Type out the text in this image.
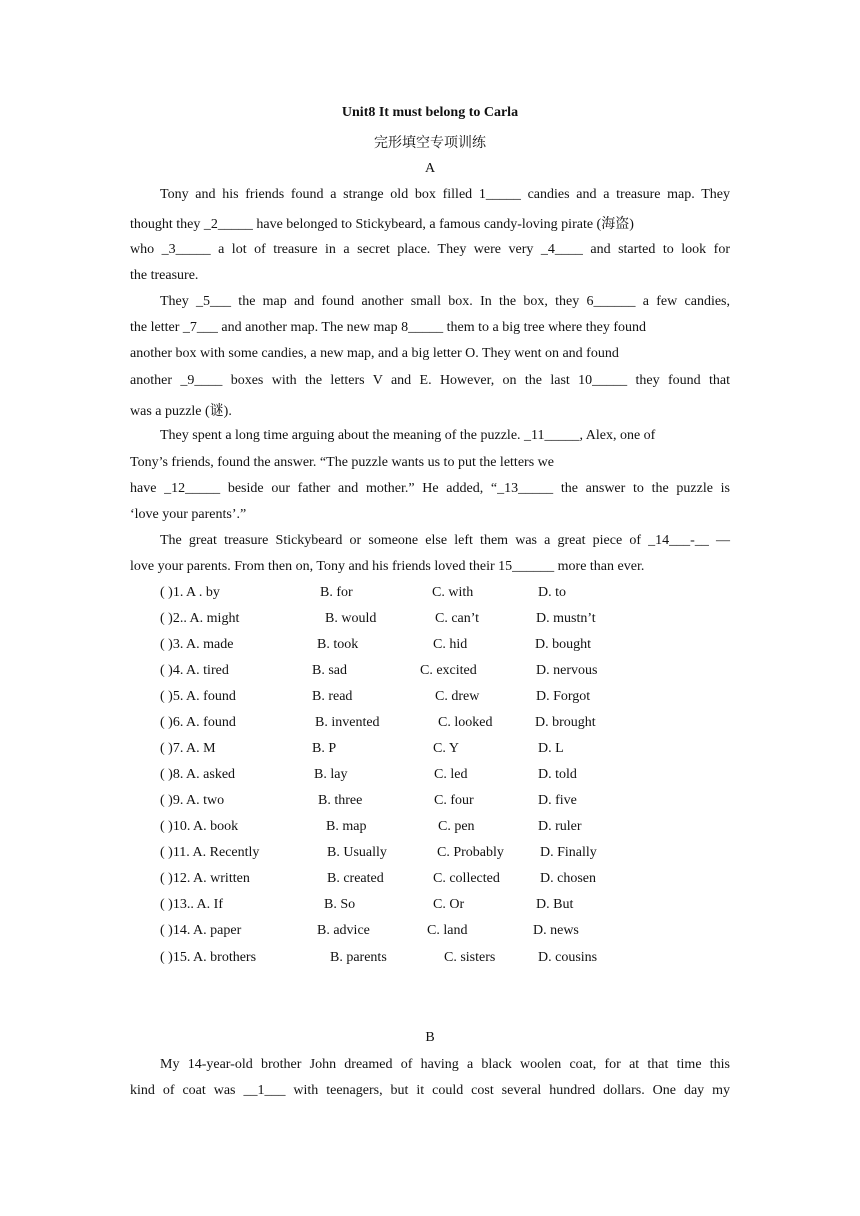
Unit8 It must belong to Carla
完形填空专项训练
A
Tony and his friends found a strange old box filled 1_____ candies and a treasure map. They
thought they _2_____ have belonged to Stickybeard, a famous candy-loving pirate (海盗)
who _3_____ a lot of treasure in a secret place. They were very _4____ and started to look for
the treasure.
They _5___ the map and found another small box. In the box, they 6______ a few candies,
the letter _7___ and another map. The new map 8_____ them to a big tree where they found
another box with some candies, a new map, and a big letter O. They went on and found
another _9____ boxes with the letters V and E. However, on the last 10_____ they found that
was a puzzle (谜).
They spent a long time arguing about the meaning of the puzzle. _11_____, Alex, one of
Tony’s friends, found the answer. “The puzzle wants us to put the letters we
have _12_____ beside our father and mother.” He added, “_13_____ the answer to the puzzle is
‘love your parents’.”
The great treasure Stickybeard or someone else left them was a great piece of _14___-__ —
love your parents. From then on, Tony and his friends loved their 15______ more than ever.
( )1. A . by	B. for	C. with	D. to
( )2.. A. might	B. would	C. can’t	D. mustn’t
( )3. A. made	B. took	C. hid	D. bought
( )4. A. tired	B. sad	C. excited	D. nervous
( )5. A. found	B. read	C. drew	D. Forgot
( )6. A. found	B. invented	C. looked	D. brought
( )7. A. M	B. P	C. Y	D. L
( )8. A. asked	B. lay	C. led	D. told
( )9. A. two	B. three	C. four	D. five
( )10. A. book	B. map	C. pen	D. ruler
( )11. A. Recently	B. Usually	C. Probably	D. Finally
( )12. A. written	B. created	C. collected	D. chosen
( )13.. A. If	B. So	C. Or	D. But
( )14. A. paper	B. advice	C. land	D. news
( )15. A. brothers	B. parents	C. sisters	D. cousins
B
My 14-year-old brother John dreamed of having a black woolen coat, for at that time this
kind of coat was __1___ with teenagers, but it could cost several hundred dollars. One day my
